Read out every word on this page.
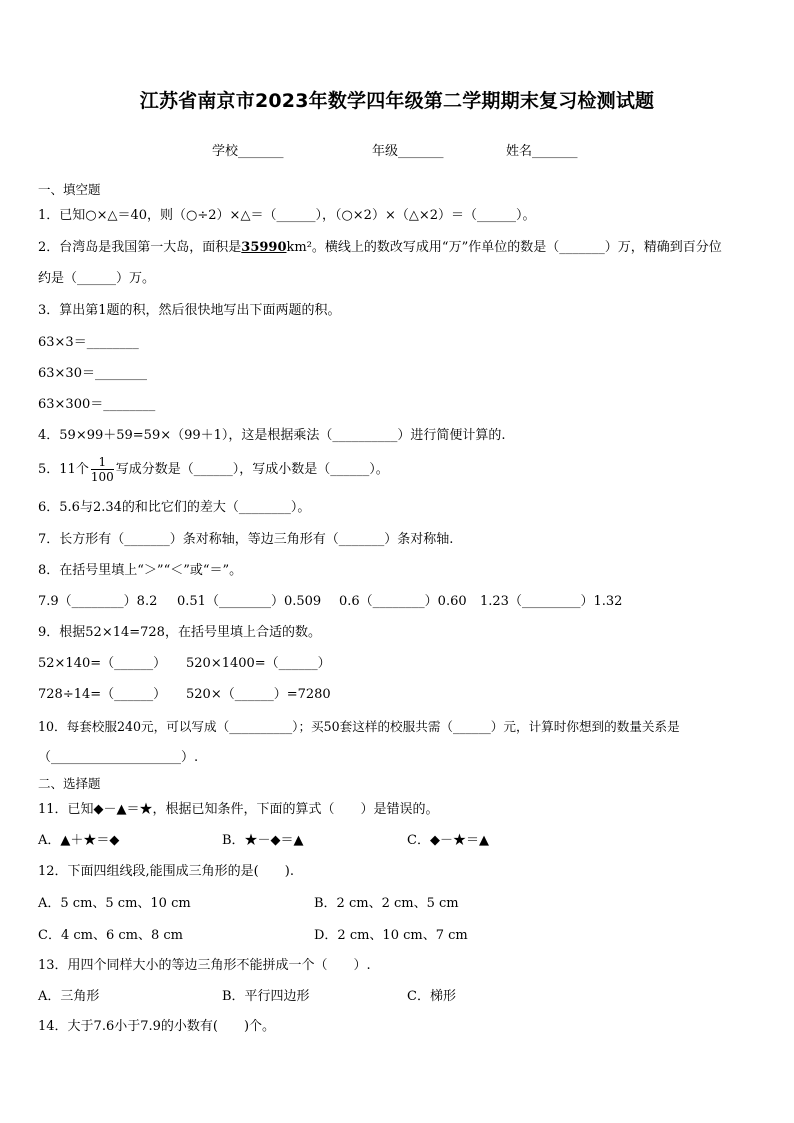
江苏省南京市2023年数学四年级第二学期期末复习检测试题
学校_______	年级_______	姓名_______
一、填空题
1．已知○×△＝40，则（○÷2）×△＝（______），（○×2）×（△×2）＝（______）。
2．台湾岛是我国第一大岛，面积是35990km²。横线上的数改写成用“万”作单位的数是（_______）万，精确到百分位
约是（______）万。
3．算出第1题的积，然后很快地写出下面两题的积。
63×3＝________
63×30＝________
63×300＝________
4．59×99＋59=59×（99＋1），这是根据乘法（__________）进行简便计算的.
5．11个 $\frac{1}{100}$ 写成分数是（______），写成小数是（______）。
6．5.6与2.34的和比它们的差大（________）。
7．长方形有（_______）条对称轴，等边三角形有（_______）条对称轴.
8．在括号里填上“＞”“＜”或“＝”。
7.9（________）8.2 0.51（________）0.509 0.6（________）0.60 1.23（_________）1.32
9．根据52×14=728，在括号里填上合适的数。
52×140=（______） 520×1400=（______）
728÷14=（______） 520×（______）=7280
10．每套校服240元，可以写成（__________）；买50套这样的校服共需（______）元，计算时你想到的数量关系是
（____________________）.
二、选择题
11．已知◆－▲＝★，根据已知条件，下面的算式（　　）是错误的。
A．▲＋★＝◆	B．★－◆＝▲	C．◆－★＝▲
12．下面四组线段,能围成三角形的是(　　).
A．5 cm、5 cm、10 cm	B．2 cm、2 cm、5 cm
C．4 cm、6 cm、8 cm	D．2 cm、10 cm、7 cm
13．用四个同样大小的等边三角形不能拼成一个（　　）.
A．三角形	B．平行四边形	C．梯形
14．大于7.6小于7.9的小数有(　　)个。
